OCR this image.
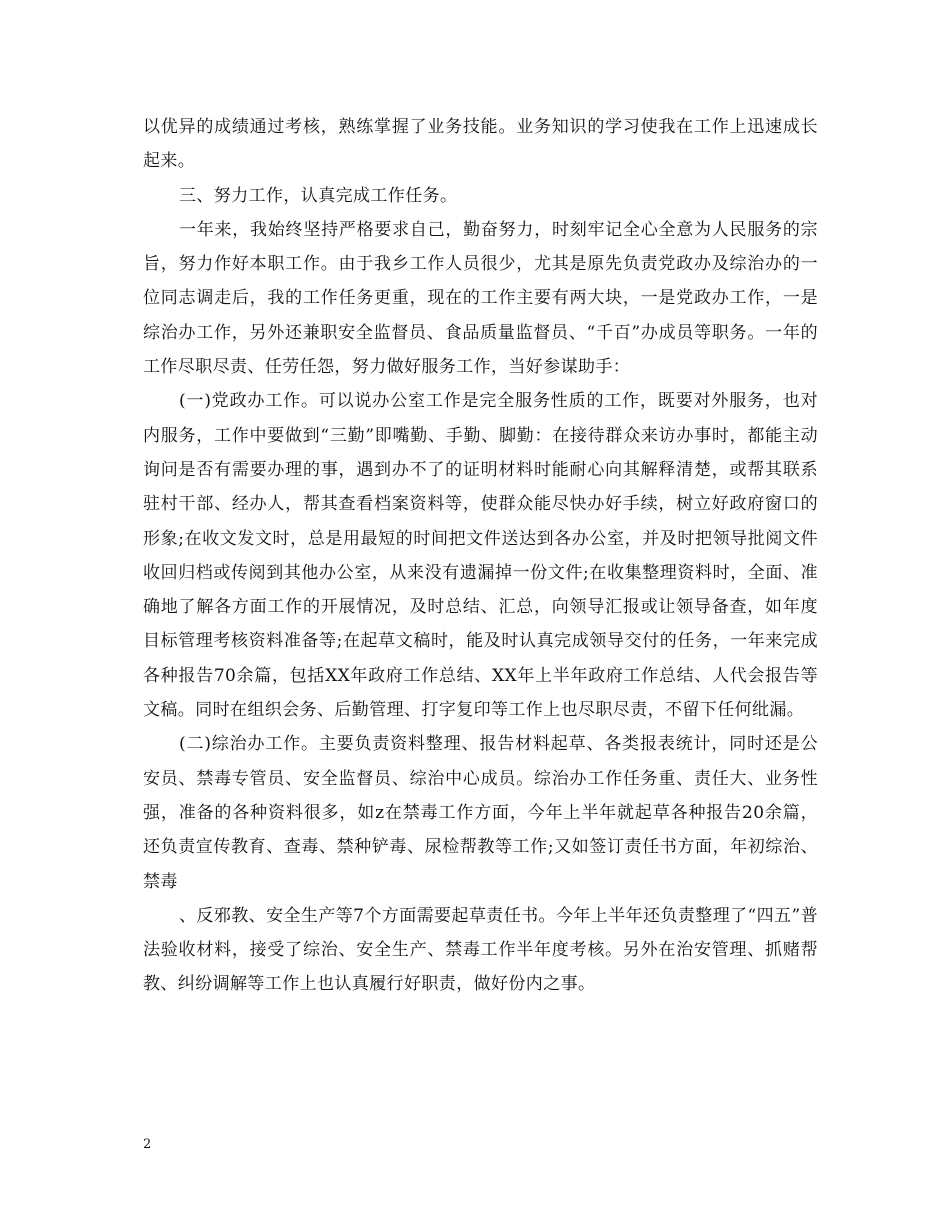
以优异的成绩通过考核，熟练掌握了业务技能。业务知识的学习使我在工作上迅速成长起来。

三、努力工作，认真完成工作任务。

一年来，我始终坚持严格要求自己，勤奋努力，时刻牢记全心全意为人民服务的宗旨，努力作好本职工作。由于我乡工作人员很少，尤其是原先负责党政办及综治办的一位同志调走后，我的工作任务更重，现在的工作主要有两大块，一是党政办工作，一是综治办工作，另外还兼职安全监督员、食品质量监督员、“千百”办成员等职务。一年的工作尽职尽责、任劳任怨，努力做好服务工作，当好参谋助手：

(一)党政办工作。可以说办公室工作是完全服务性质的工作，既要对外服务，也对内服务，工作中要做到“三勤”即嘴勤、手勤、脚勤：在接待群众来访办事时，都能主动询问是否有需要办理的事，遇到办不了的证明材料时能耐心向其解释清楚，或帮其联系驻村干部、经办人，帮其查看档案资料等，使群众能尽快办好手续，树立好政府窗口的形象;在收文发文时，总是用最短的时间把文件送达到各办公室，并及时把领导批阅文件收回归档或传阅到其他办公室，从来没有遗漏掉一份文件;在收集整理资料时，全面、准确地了解各方面工作的开展情况，及时总结、汇总，向领导汇报或让领导备查，如年度目标管理考核资料准备等;在起草文稿时，能及时认真完成领导交付的任务，一年来完成各种报告70余篇，包括XX年政府工作总结、XX年上半年政府工作总结、人代会报告等文稿。同时在组织会务、后勤管理、打字复印等工作上也尽职尽责，不留下任何纰漏。

(二)综治办工作。主要负责资料整理、报告材料起草、各类报表统计，同时还是公安员、禁毒专管员、安全监督员、综治中心成员。综治办工作任务重、责任大、业务性强，准备的各种资料很多，如z在禁毒工作方面，今年上半年就起草各种报告20余篇，还负责宣传教育、查毒、禁种铲毒、尿检帮教等工作;又如签订责任书方面，年初综治、禁毒

、反邪教、安全生产等7个方面需要起草责任书。今年上半年还负责整理了“四五”普法验收材料，接受了综治、安全生产、禁毒工作半年度考核。另外在治安管理、抓赌帮教、纠纷调解等工作上也认真履行好职责，做好份内之事。

2
